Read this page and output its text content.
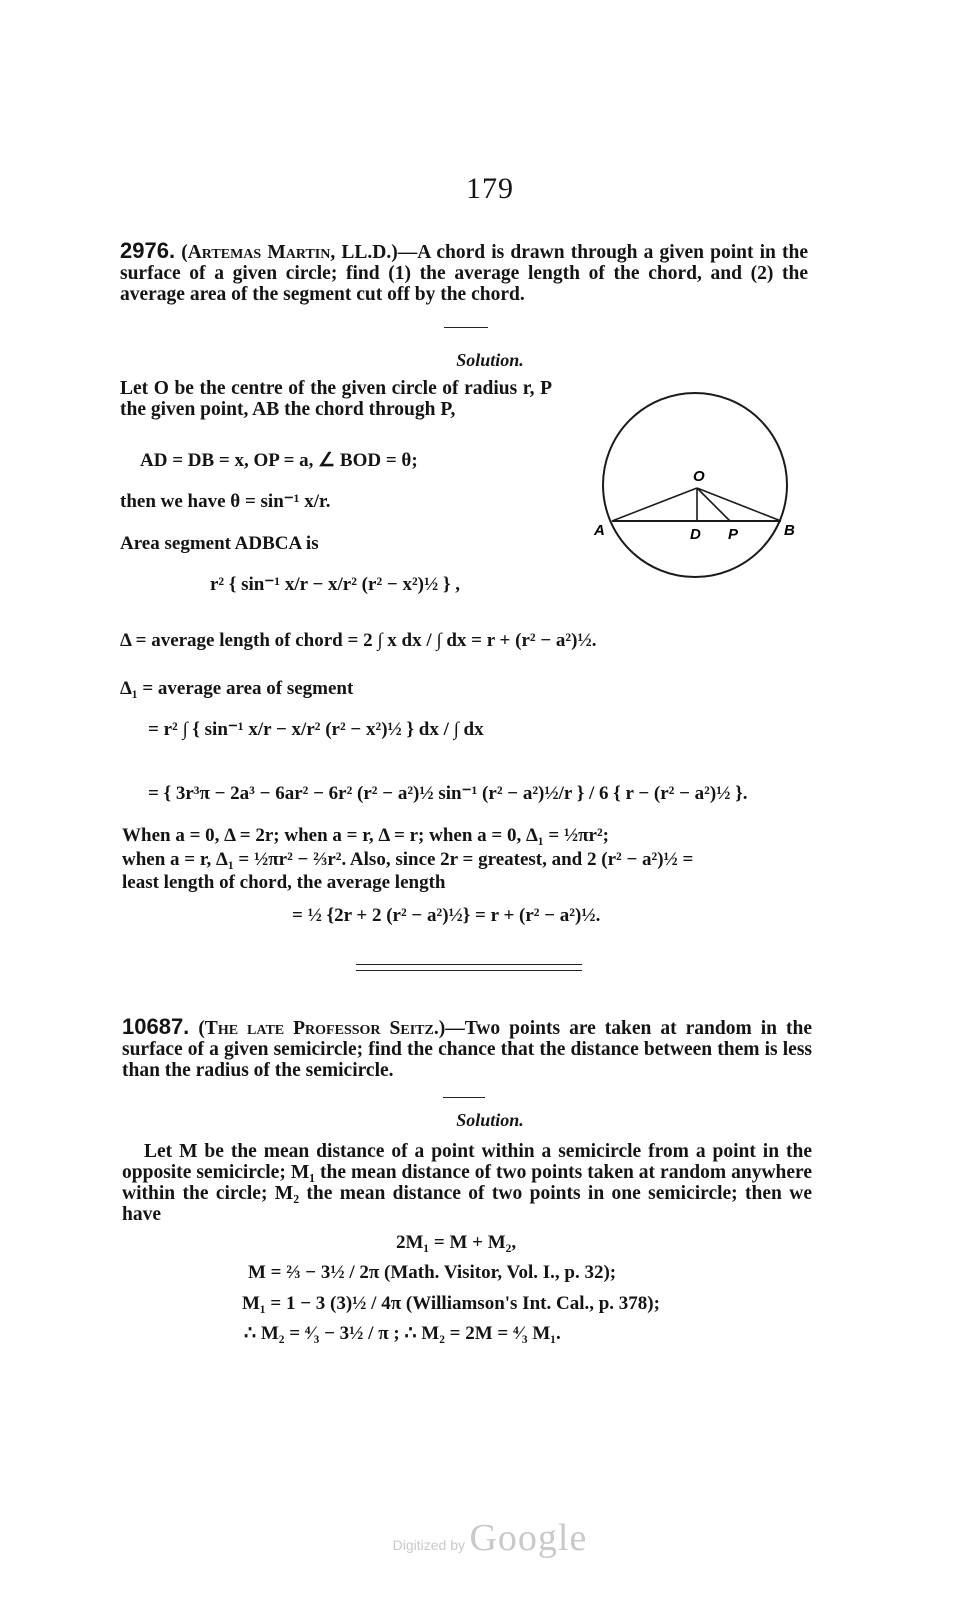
179
2976. (Artemas Martin, LL.D.)—A chord is drawn through a given point in the surface of a given circle; find (1) the average length of the chord, and (2) the average area of the segment cut off by the chord.
Solution.
Let O be the centre of the given circle of radius r, P the given point, AB the chord through P,
AD = DB = x, OP = a, ∠ BOD = θ;
then we have θ = sin⁻¹ x/r.
Area segment ADBCA is
r² { sin⁻¹ x/r − x/r² (r² − x²)½ } ,
Δ = average length of chord = 2 ∫ x dx / ∫ dx = r + (r² − a²)½.
Δ₁ = average area of segment
= r² ∫ { sin⁻¹ x/r − x/r² (r² − x²)½ } dx / ∫ dx
= { 3r³π − 2a³ − 6ar² − 6r² (r² − a²)½ sin⁻¹ (r² − a²)½/r } / 6 { r − (r² − a²)½ }.
When a = 0, Δ = 2r; when a = r, Δ = r; when a = 0, Δ₁ = ½πr²;
when a = r, Δ₁ = ½πr² − ⅔r². Also, since 2r = greatest, and 2 (r² − a²)½ =
least length of chord, the average length
= ½ {2r + 2 (r² − a²)½} = r + (r² − a²)½.
O
A	D P	B
10687. (The late Professor Seitz.)—Two points are taken at random in the surface of a given semicircle; find the chance that the distance between them is less than the radius of the semicircle.
Solution.
Let M be the mean distance of a point within a semicircle from a point in the opposite semicircle; M₁ the mean distance of two points taken at random anywhere within the circle; M₂ the mean distance of two points in one semicircle; then we have
2M₁ = M + M₂,
M = ⅔ − 3½ / 2π (Math. Visitor, Vol. I., p. 32);
M₁ = 1 − 3 (3)½ / 4π (Williamson's Int. Cal., p. 378);
∴ M₂ = ⁴⁄₃ − 3½ / π ; ∴ M₂ = 2M = ⁴⁄₃ M₁.
Digitized by Google
